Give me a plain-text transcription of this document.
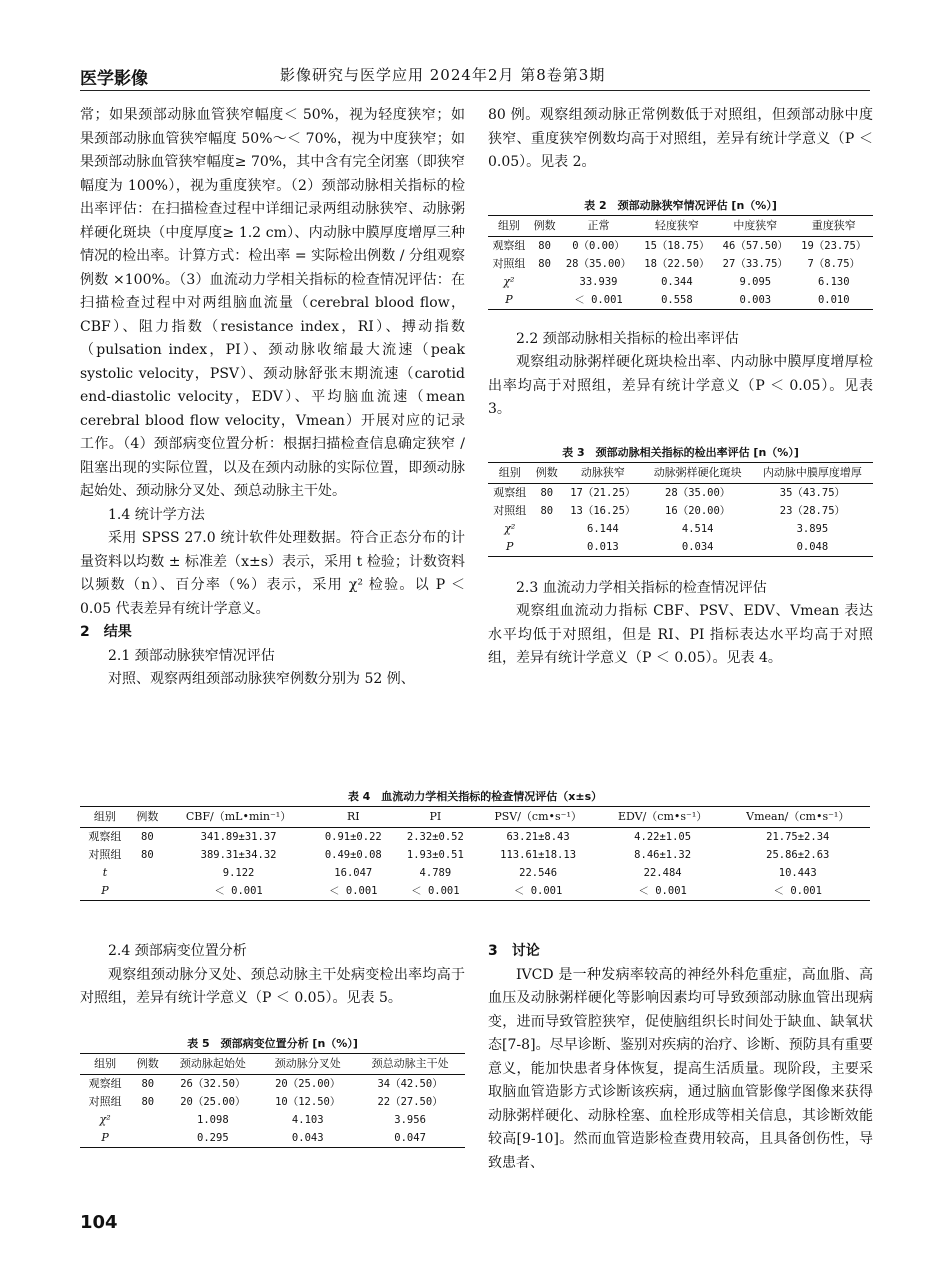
医学影像	影像研究与医学应用 2024年2月 第8卷第3期

常；如果颈部动脉血管狭窄幅度＜ 50%，视为轻度狭窄；如果颈部动脉血管狭窄幅度 50%～＜ 70%，视为中度狭窄；如果颈部动脉血管狭窄幅度≥ 70%，其中含有完全闭塞（即狭窄幅度为 100%），视为重度狭窄。（2）颈部动脉相关指标的检出率评估：在扫描检查过程中详细记录两组动脉狭窄、动脉粥样硬化斑块（中度厚度≥ 1.2 cm）、内动脉中膜厚度增厚三种情况的检出率。计算方式：检出率 = 实际检出例数 / 分组观察例数 ×100%。（3）血流动力学相关指标的检查情况评估：在扫描检查过程中对两组脑血流量（cerebral blood flow，CBF）、阻力指数（resistance index，RI）、搏动指数（pulsation index，PI）、颈动脉收缩最大流速（peak systolic velocity，PSV）、颈动脉舒张末期流速（carotid end-diastolic velocity，EDV）、平均脑血流速（mean cerebral blood flow velocity，Vmean）开展对应的记录工作。（4）颈部病变位置分析：根据扫描检查信息确定狭窄 / 阻塞出现的实际位置，以及在颈内动脉的实际位置，即颈动脉起始处、颈动脉分叉处、颈总动脉主干处。

1.4 统计学方法

采用 SPSS 27.0 统计软件处理数据。符合正态分布的计量资料以均数 ± 标准差（x±s）表示，采用 t 检验；计数资料以频数（n）、百分率（%）表示，采用 χ² 检验。以 P ＜ 0.05 代表差异有统计学意义。

2　结果

2.1 颈部动脉狭窄情况评估

对照、观察两组颈部动脉狭窄例数分别为 52 例、

80 例。观察组颈动脉正常例数低于对照组，但颈部动脉中度狭窄、重度狭窄例数均高于对照组，差异有统计学意义（P ＜ 0.05）。见表 2。

表 2　颈部动脉狭窄情况评估 [n（%）]
组别	例数	正常	轻度狭窄	中度狭窄	重度狭窄
观察组	80	0（0.00）	15（18.75）	46（57.50）	19（23.75）
对照组	80	28（35.00）	18（22.50）	27（33.75）	7（8.75）
χ²		33.939	0.344	9.095	6.130
P		＜ 0.001	0.558	0.003	0.010

2.2 颈部动脉相关指标的检出率评估

观察组动脉粥样硬化斑块检出率、内动脉中膜厚度增厚检出率均高于对照组，差异有统计学意义（P ＜ 0.05）。见表 3。

表 3　颈部动脉相关指标的检出率评估 [n（%）]
组别	例数	动脉狭窄	动脉粥样硬化斑块	内动脉中膜厚度增厚
观察组	80	17（21.25）	28（35.00）	35（43.75）
对照组	80	13（16.25）	16（20.00）	23（28.75）
χ²		6.144	4.514	3.895
P		0.013	0.034	0.048

2.3 血流动力学相关指标的检查情况评估

观察组血流动力指标 CBF、PSV、EDV、Vmean 表达水平均低于对照组，但是 RI、PI 指标表达水平均高于对照组，差异有统计学意义（P ＜ 0.05）。见表 4。

表 4　血流动力学相关指标的检查情况评估（x±s）
组别	例数	CBF/（mL•min⁻¹）	RI	PI	PSV/（cm•s⁻¹）	EDV/（cm•s⁻¹）	Vmean/（cm•s⁻¹）
观察组	80	341.89±31.37	0.91±0.22	2.32±0.52	63.21±8.43	4.22±1.05	21.75±2.34
对照组	80	389.31±34.32	0.49±0.08	1.93±0.51	113.61±18.13	8.46±1.32	25.86±2.63
t		9.122	16.047	4.789	22.546	22.484	10.443
P		＜ 0.001	＜ 0.001	＜ 0.001	＜ 0.001	＜ 0.001	＜ 0.001

2.4 颈部病变位置分析

观察组颈动脉分叉处、颈总动脉主干处病变检出率均高于对照组，差异有统计学意义（P ＜ 0.05）。见表 5。

表 5　颈部病变位置分析 [n（%）]
组别	例数	颈动脉起始处	颈动脉分叉处	颈总动脉主干处
观察组	80	26（32.50）	20（25.00）	34（42.50）
对照组	80	20（25.00）	10（12.50）	22（27.50）
χ²		1.098	4.103	3.956
P		0.295	0.043	0.047

3　讨论

IVCD 是一种发病率较高的神经外科危重症，高血脂、高血压及动脉粥样硬化等影响因素均可导致颈部动脉血管出现病变，进而导致管腔狭窄，促使脑组织长时间处于缺血、缺氧状态[7-8]。尽早诊断、鉴别对疾病的治疗、诊断、预防具有重要意义，能加快患者身体恢复，提高生活质量。现阶段，主要采取脑血管造影方式诊断该疾病，通过脑血管影像学图像来获得动脉粥样硬化、动脉栓塞、血栓形成等相关信息，其诊断效能较高[9-10]。然而血管造影检查费用较高，且具备创伤性，导致患者、

104
